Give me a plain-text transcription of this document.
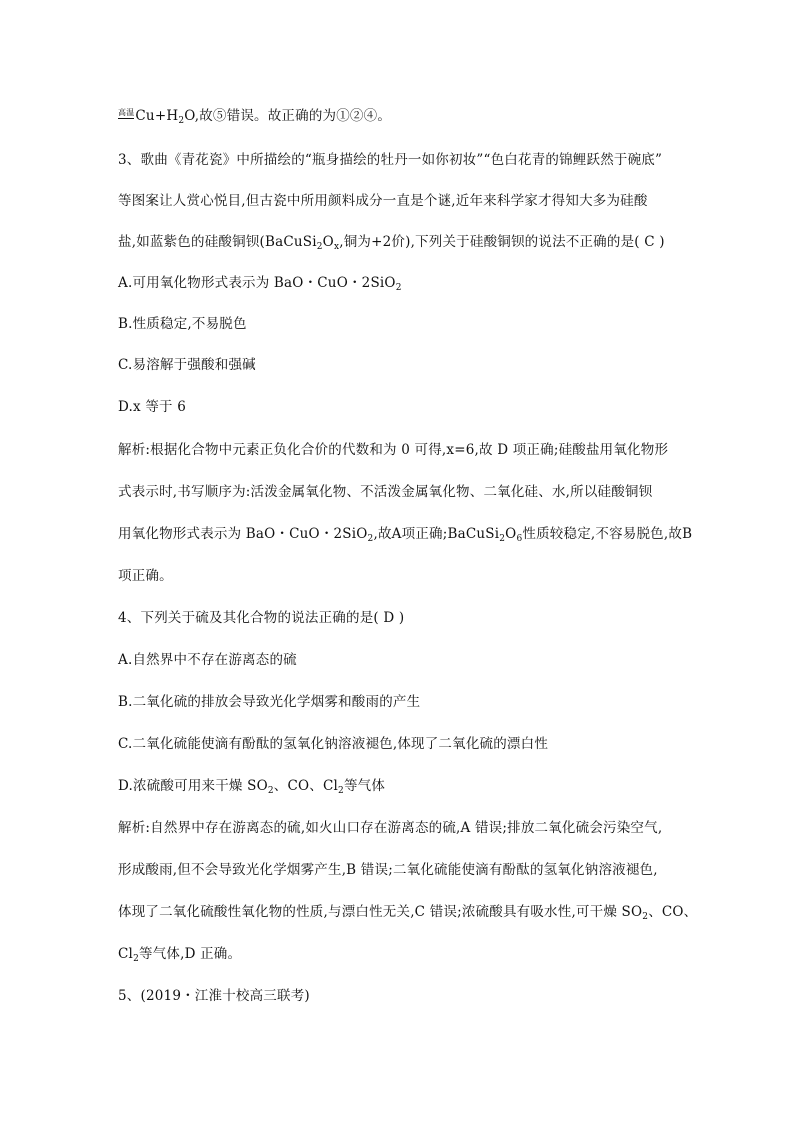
高温$Cu+H_2O$,故⑤错误。故正确的为①②④。
3、歌曲《青花瓷》中所描绘的“瓶身描绘的牡丹一如你初妆”“色白花青的锦鲤跃然于碗底”
等图案让人赏心悦目,但古瓷中所用颜料成分一直是个谜,近年来科学家才得知大多为硅酸
盐,如蓝紫色的硅酸铜钡($BaCuSi_2O_x$,铜为+2价),下列关于硅酸铜钡的说法不正确的是( C )
A.可用氧化物形式表示为 BaO・CuO・2SiO$_2$
B.性质稳定,不易脱色
C.易溶解于强酸和强碱
D.x 等于 6
解析:根据化合物中元素正负化合价的代数和为 0 可得,x=6,故 D 项正确;硅酸盐用氧化物形
式表示时,书写顺序为:活泼金属氧化物、不活泼金属氧化物、二氧化硅、水,所以硅酸铜钡
用氧化物形式表示为 BaO・CuO・2SiO$_2$,故A项正确$;BaCuSi_2O_6$性质较稳定,不容易脱色,故B
项正确。
4、下列关于硫及其化合物的说法正确的是( D )
A.自然界中不存在游离态的硫
B.二氧化硫的排放会导致光化学烟雾和酸雨的产生
C.二氧化硫能使滴有酚酞的氢氧化钠溶液褪色,体现了二氧化硫的漂白性
D.浓硫酸可用来干燥 $SO_2$、CO、$Cl_2$等气体
解析:自然界中存在游离态的硫,如火山口存在游离态的硫,A 错误;排放二氧化硫会污染空气,
形成酸雨,但不会导致光化学烟雾产生,B 错误;二氧化硫能使滴有酚酞的氢氧化钠溶液褪色,
体现了二氧化硫酸性氧化物的性质,与漂白性无关,C 错误;浓硫酸具有吸水性,可干燥 $SO_2$、CO、
$Cl_2$等气体,D 正确。
5、(2019・江淮十校高三联考)
